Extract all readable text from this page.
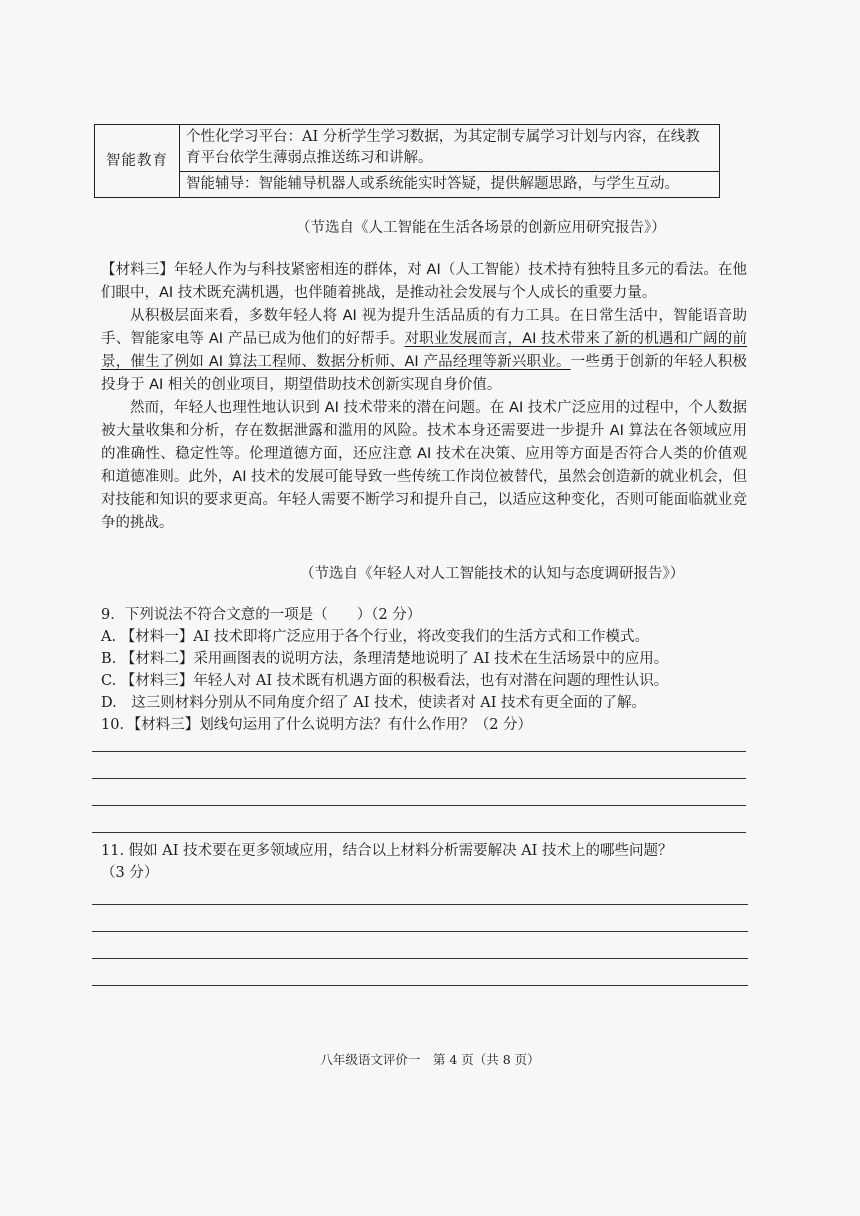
智能教育	个性化学习平台：AI 分析学生学习数据，为其定制专属学习计划与内容，在线教育平台依学生薄弱点推送练习和讲解。
智能辅导：智能辅导机器人或系统能实时答疑，提供解题思路，与学生互动。
（节选自《人工智能在生活各场景的创新应用研究报告》）

【材料三】年轻人作为与科技紧密相连的群体，对 AI（人工智能）技术持有独特且多元的看法。在他们眼中，AI 技术既充满机遇，也伴随着挑战，是推动社会发展与个人成长的重要力量。

从积极层面来看，多数年轻人将 AI 视为提升生活品质的有力工具。在日常生活中，智能语音助手、智能家电等 AI 产品已成为他们的好帮手。对职业发展而言，AI 技术带来了新的机遇和广阔的前景，催生了例如 AI 算法工程师、数据分析师、AI 产品经理等新兴职业。一些勇于创新的年轻人积极投身于 AI 相关的创业项目，期望借助技术创新实现自身价值。

然而，年轻人也理性地认识到 AI 技术带来的潜在问题。在 AI 技术广泛应用的过程中，个人数据被大量收集和分析，存在数据泄露和滥用的风险。技术本身还需要进一步提升 AI 算法在各领域应用的准确性、稳定性等。伦理道德方面，还应注意 AI 技术在决策、应用等方面是否符合人类的价值观和道德准则。此外，AI 技术的发展可能导致一些传统工作岗位被替代，虽然会创造新的就业机会，但对技能和知识的要求更高。年轻人需要不断学习和提升自己，以适应这种变化，否则可能面临就业竞争的挑战。

（节选自《年轻人对人工智能技术的认知与态度调研报告》）
9．下列说法不符合文意的一项是（　　）（2 分）
A. 【材料一】AI 技术即将广泛应用于各个行业，将改变我们的生活方式和工作模式。
B. 【材料二】采用画图表的说明方法，条理清楚地说明了 AI 技术在生活场景中的应用。
C. 【材料三】年轻人对 AI 技术既有机遇方面的积极看法，也有对潜在问题的理性认识。
D.　这三则材料分别从不同角度介绍了 AI 技术，使读者对 AI 技术有更全面的了解。
10．【材料三】划线句运用了什么说明方法？有什么作用？（2 分）
11. 假如 AI 技术要在更多领域应用，结合以上材料分析需要解决 AI 技术上的哪些问题？
（3 分）
八年级语文评价一　第 4 页（共 8 页）
